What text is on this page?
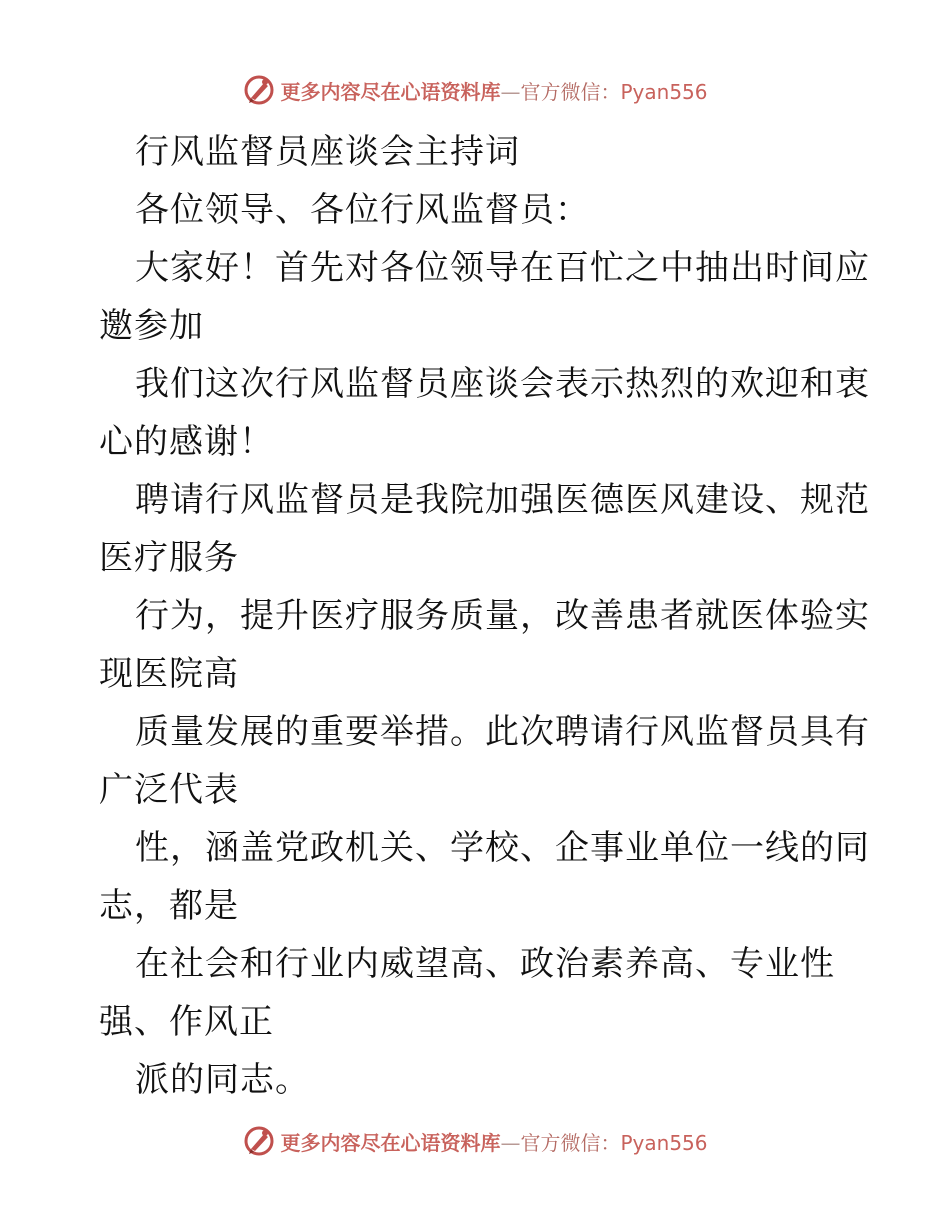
更多内容尽在心语资料库—官方微信：Pyan556
行风监督员座谈会主持词
各位领导、各位行风监督员：
大家好！首先对各位领导在百忙之中抽出时间应
邀参加
我们这次行风监督员座谈会表示热烈的欢迎和衷
心的感谢！
聘请行风监督员是我院加强医德医风建设、规范
医疗服务
行为，提升医疗服务质量，改善患者就医体验实
现医院高
质量发展的重要举措。此次聘请行风监督员具有
广泛代表
性，涵盖党政机关、学校、企事业单位一线的同
志，都是
在社会和行业内威望高、政治素养高、专业性
强、作风正
派的同志。
更多内容尽在心语资料库—官方微信：Pyan556
